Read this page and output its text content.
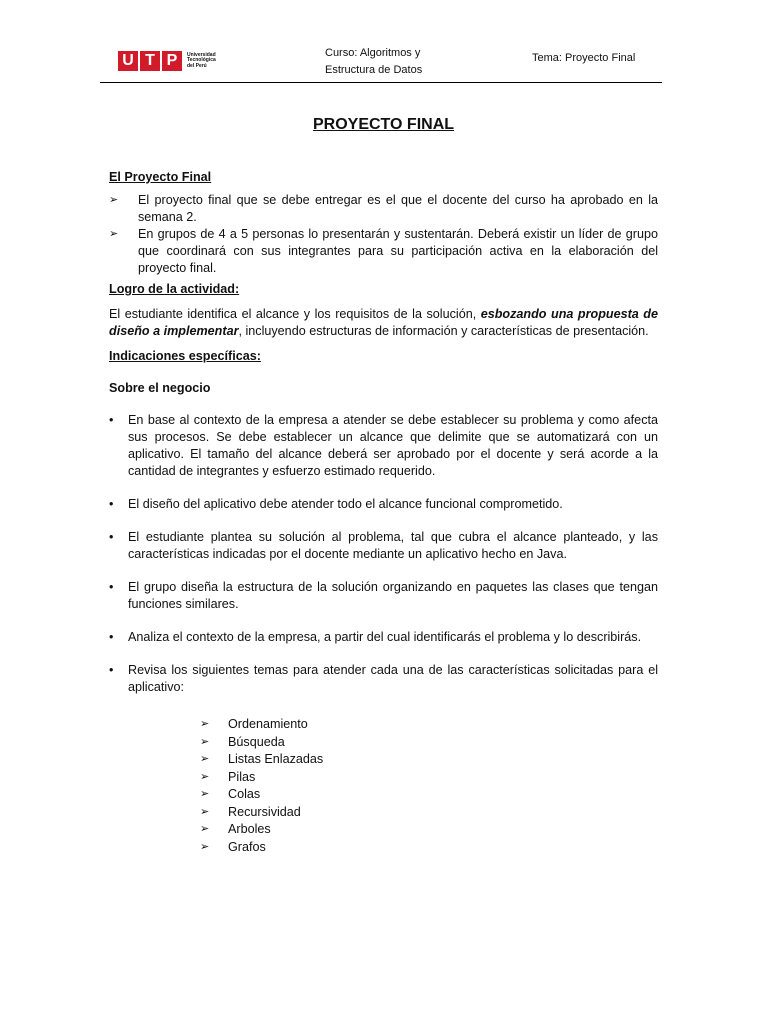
U T P	Universidad
Tecnológica
del Perú
Curso: Algoritmos y
Estructura de Datos
Tema: Proyecto Final
PROYECTO FINAL
El Proyecto Final
➢	El proyecto final que se debe entregar es el que el docente del curso ha aprobado en la semana 2.
➢	En grupos de 4 a 5 personas lo presentarán y sustentarán. Deberá existir un líder de grupo que coordinará con sus integrantes para su participación activa en la elaboración del proyecto final.
Logro de la actividad:

El estudiante identifica el alcance y los requisitos de la solución, esbozando una propuesta de diseño a implementar, incluyendo estructuras de información y características de presentación.

Indicaciones específicas:
Sobre el negocio
• En base al contexto de la empresa a atender se debe establecer su problema y como afecta sus procesos. Se debe establecer un alcance que delimite que se automatizará con un aplicativo. El tamaño del alcance deberá ser aprobado por el docente y será acorde a la cantidad de integrantes y esfuerzo estimado requerido.
• El diseño del aplicativo debe atender todo el alcance funcional comprometido.
• El estudiante plantea su solución al problema, tal que cubra el alcance planteado, y las características indicadas por el docente mediante un aplicativo hecho en Java.
• El grupo diseña la estructura de la solución organizando en paquetes las clases que tengan funciones similares.
• Analiza el contexto de la empresa, a partir del cual identificarás el problema y lo describirás.
• Revisa los siguientes temas para atender cada una de las características solicitadas para el aplicativo:
➢ Ordenamiento
➢ Búsqueda
➢ Listas Enlazadas
➢ Pilas
➢ Colas
➢ Recursividad
➢ Arboles
➢ Grafos
